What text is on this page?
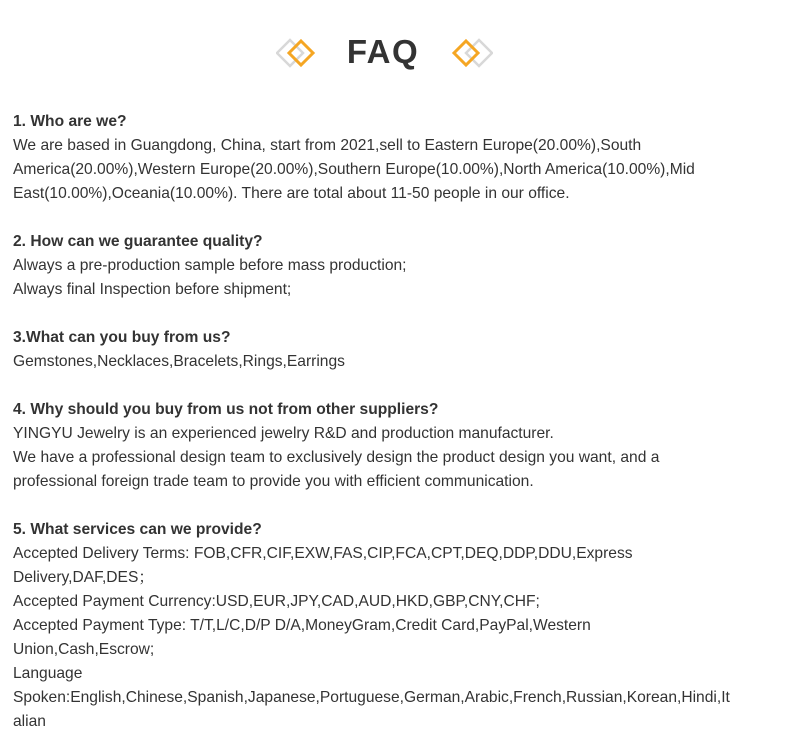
FAQ

1. Who are we?

We are based in Guangdong, China, start from 2021,sell to Eastern Europe(20.00%),South

America(20.00%),Western Europe(20.00%),Southern Europe(10.00%),North America(10.00%),Mid

East(10.00%),Oceania(10.00%). There are total about 11-50 people in our office.

2. How can we guarantee quality?

Always a pre-production sample before mass production;

Always final Inspection before shipment;

3.What can you buy from us?

Gemstones,Necklaces,Bracelets,Rings,Earrings

4. Why should you buy from us not from other suppliers?

YINGYU Jewelry is an experienced jewelry R&D and production manufacturer.

We have a professional design team to exclusively design the product design you want, and a

professional foreign trade team to provide you with efficient communication.

5. What services can we provide?

Accepted Delivery Terms: FOB,CFR,CIF,EXW,FAS,CIP,FCA,CPT,DEQ,DDP,DDU,Express

Delivery,DAF,DES；

Accepted Payment Currency:USD,EUR,JPY,CAD,AUD,HKD,GBP,CNY,CHF;

Accepted Payment Type: T/T,L/C,D/P D/A,MoneyGram,Credit Card,PayPal,Western

Union,Cash,Escrow;

Language

Spoken:English,Chinese,Spanish,Japanese,Portuguese,German,Arabic,French,Russian,Korean,Hindi,It

alian
